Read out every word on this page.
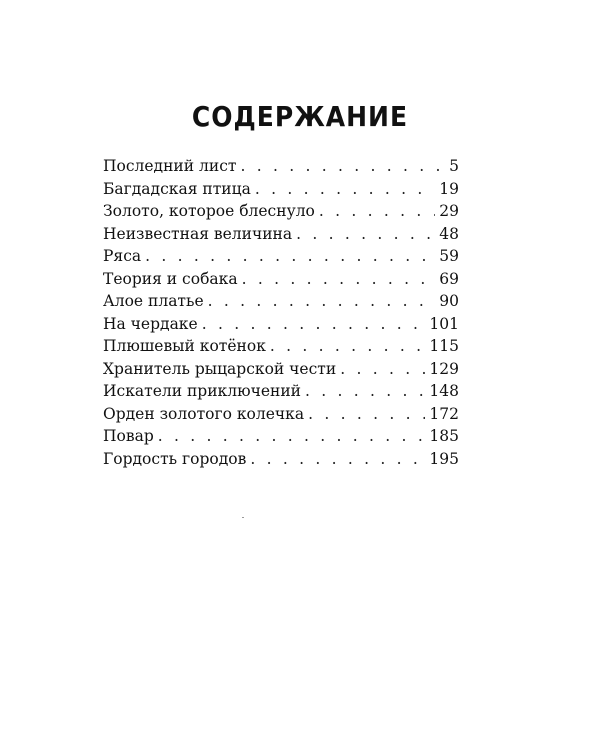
СОДЕРЖАНИЕ
Последний лист . . .	5
Багдадская птица . . .	19
Золото, которое блеснуло . . .	29
Неизвестная величина . . .	48
Ряса . . .	59
Теория и собака . . .	69
Алое платье . . .	90
На чердаке . . .	101
Плюшевый котёнок . . .	115
Хранитель рыцарской чести . . .	129
Искатели приключений . . .	148
Орден золотого колечка . . .	172
Повар . . .	185
Гордость городов . . .	195
